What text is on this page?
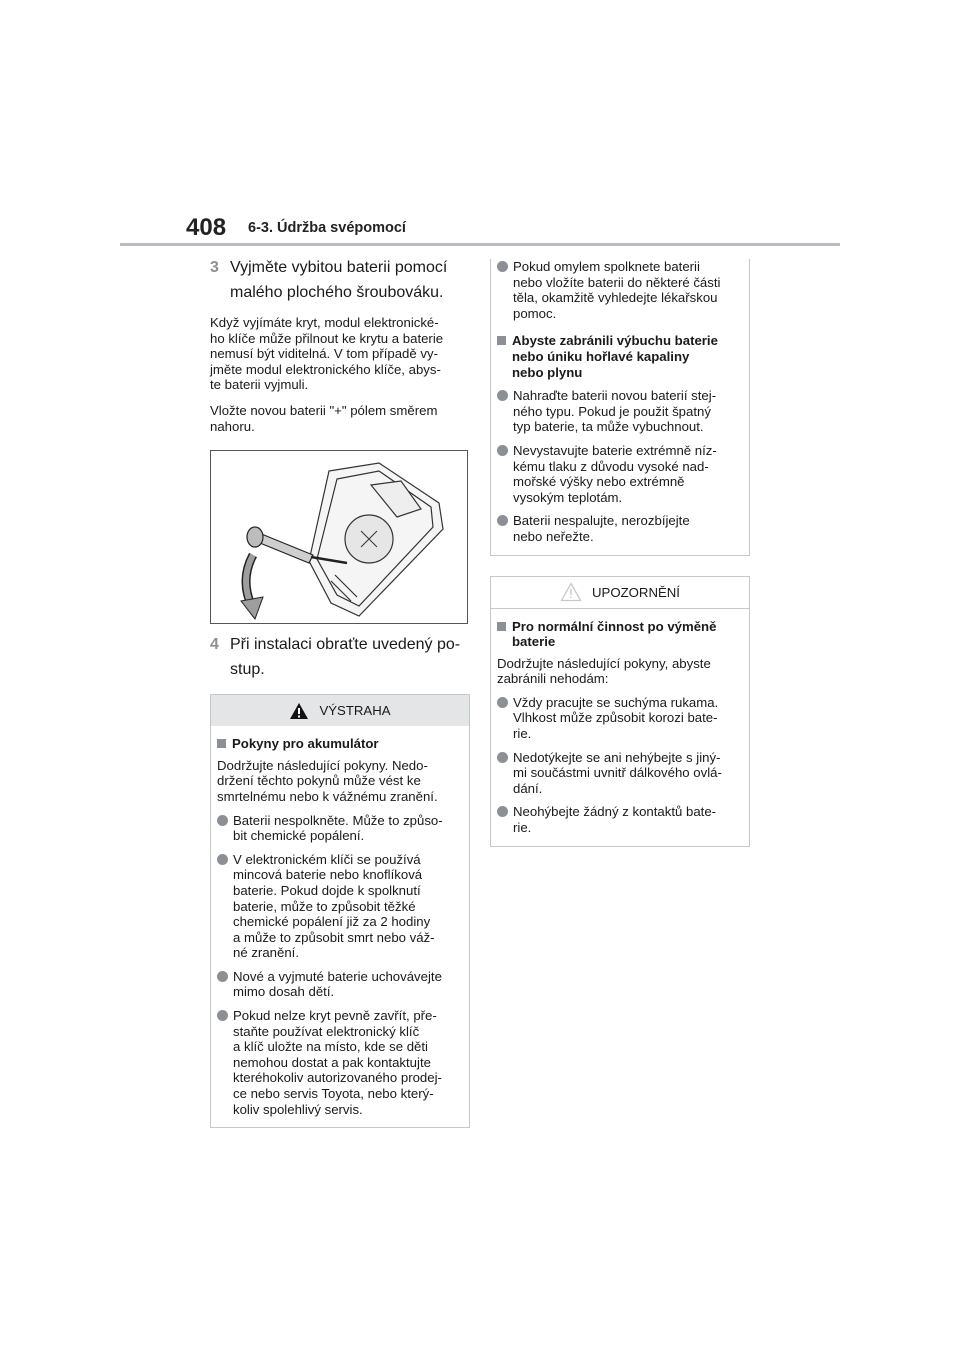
408 6-3. Údržba svépomocí
3 Vyjměte vybitou baterii pomocí
malého plochého šroubováku.

Když vyjímáte kryt, modul elektronické-
ho klíče může přilnout ke krytu a baterie
nemusí být viditelná. V tom případě vy-
jměte modul elektronického klíče, abys-
te baterii vyjmuli.

Vložte novou baterii "+" pólem směrem
nahoru.

4 Při instalaci obraťte uvedený po-
stup.
VÝSTRAHA
Pokyny pro akumulátor
Dodržujte následující pokyny. Nedo-
držení těchto pokynů může vést ke
smrtelnému nebo k vážnému zranění.
Baterii nespolkněte. Může to způso-
bit chemické popálení.
V elektronickém klíči se používá
mincová baterie nebo knoflíková
baterie. Pokud dojde k spolknutí
baterie, může to způsobit těžké
chemické popálení již za 2 hodiny
a může to způsobit smrt nebo váž-
né zranění.
Nové a vyjmuté baterie uchovávejte
mimo dosah dětí.
Pokud nelze kryt pevně zavřít, pře-
staňte používat elektronický klíč
a klíč uložte na místo, kde se děti
nemohou dostat a pak kontaktujte
kteréhokoliv autorizovaného prodej-
ce nebo servis Toyota, nebo který-
koliv spolehlivý servis.
Pokud omylem spolknete baterii
nebo vložíte baterii do některé části
těla, okamžitě vyhledejte lékařskou
pomoc.
Abyste zabránili výbuchu baterie
nebo úniku hořlavé kapaliny
nebo plynu
Nahraďte baterii novou baterií stej-
ného typu. Pokud je použit špatný
typ baterie, ta může vybuchnout.
Nevystavujte baterie extrémně níz-
kému tlaku z důvodu vysoké nad-
mořské výšky nebo extrémně
vysokým teplotám.
Baterii nespalujte, nerozbíjejte
nebo neřežte.
UPOZORNĚNÍ
Pro normální činnost po výměně
baterie
Dodržujte následující pokyny, abyste
zabránili nehodám:
Vždy pracujte se suchýma rukama.
Vlhkost může způsobit korozi bate-
rie.
Nedotýkejte se ani nehýbejte s jiný-
mi součástmi uvnitř dálkového ovlá-
dání.
Neohýbejte žádný z kontaktů bate-
rie.
